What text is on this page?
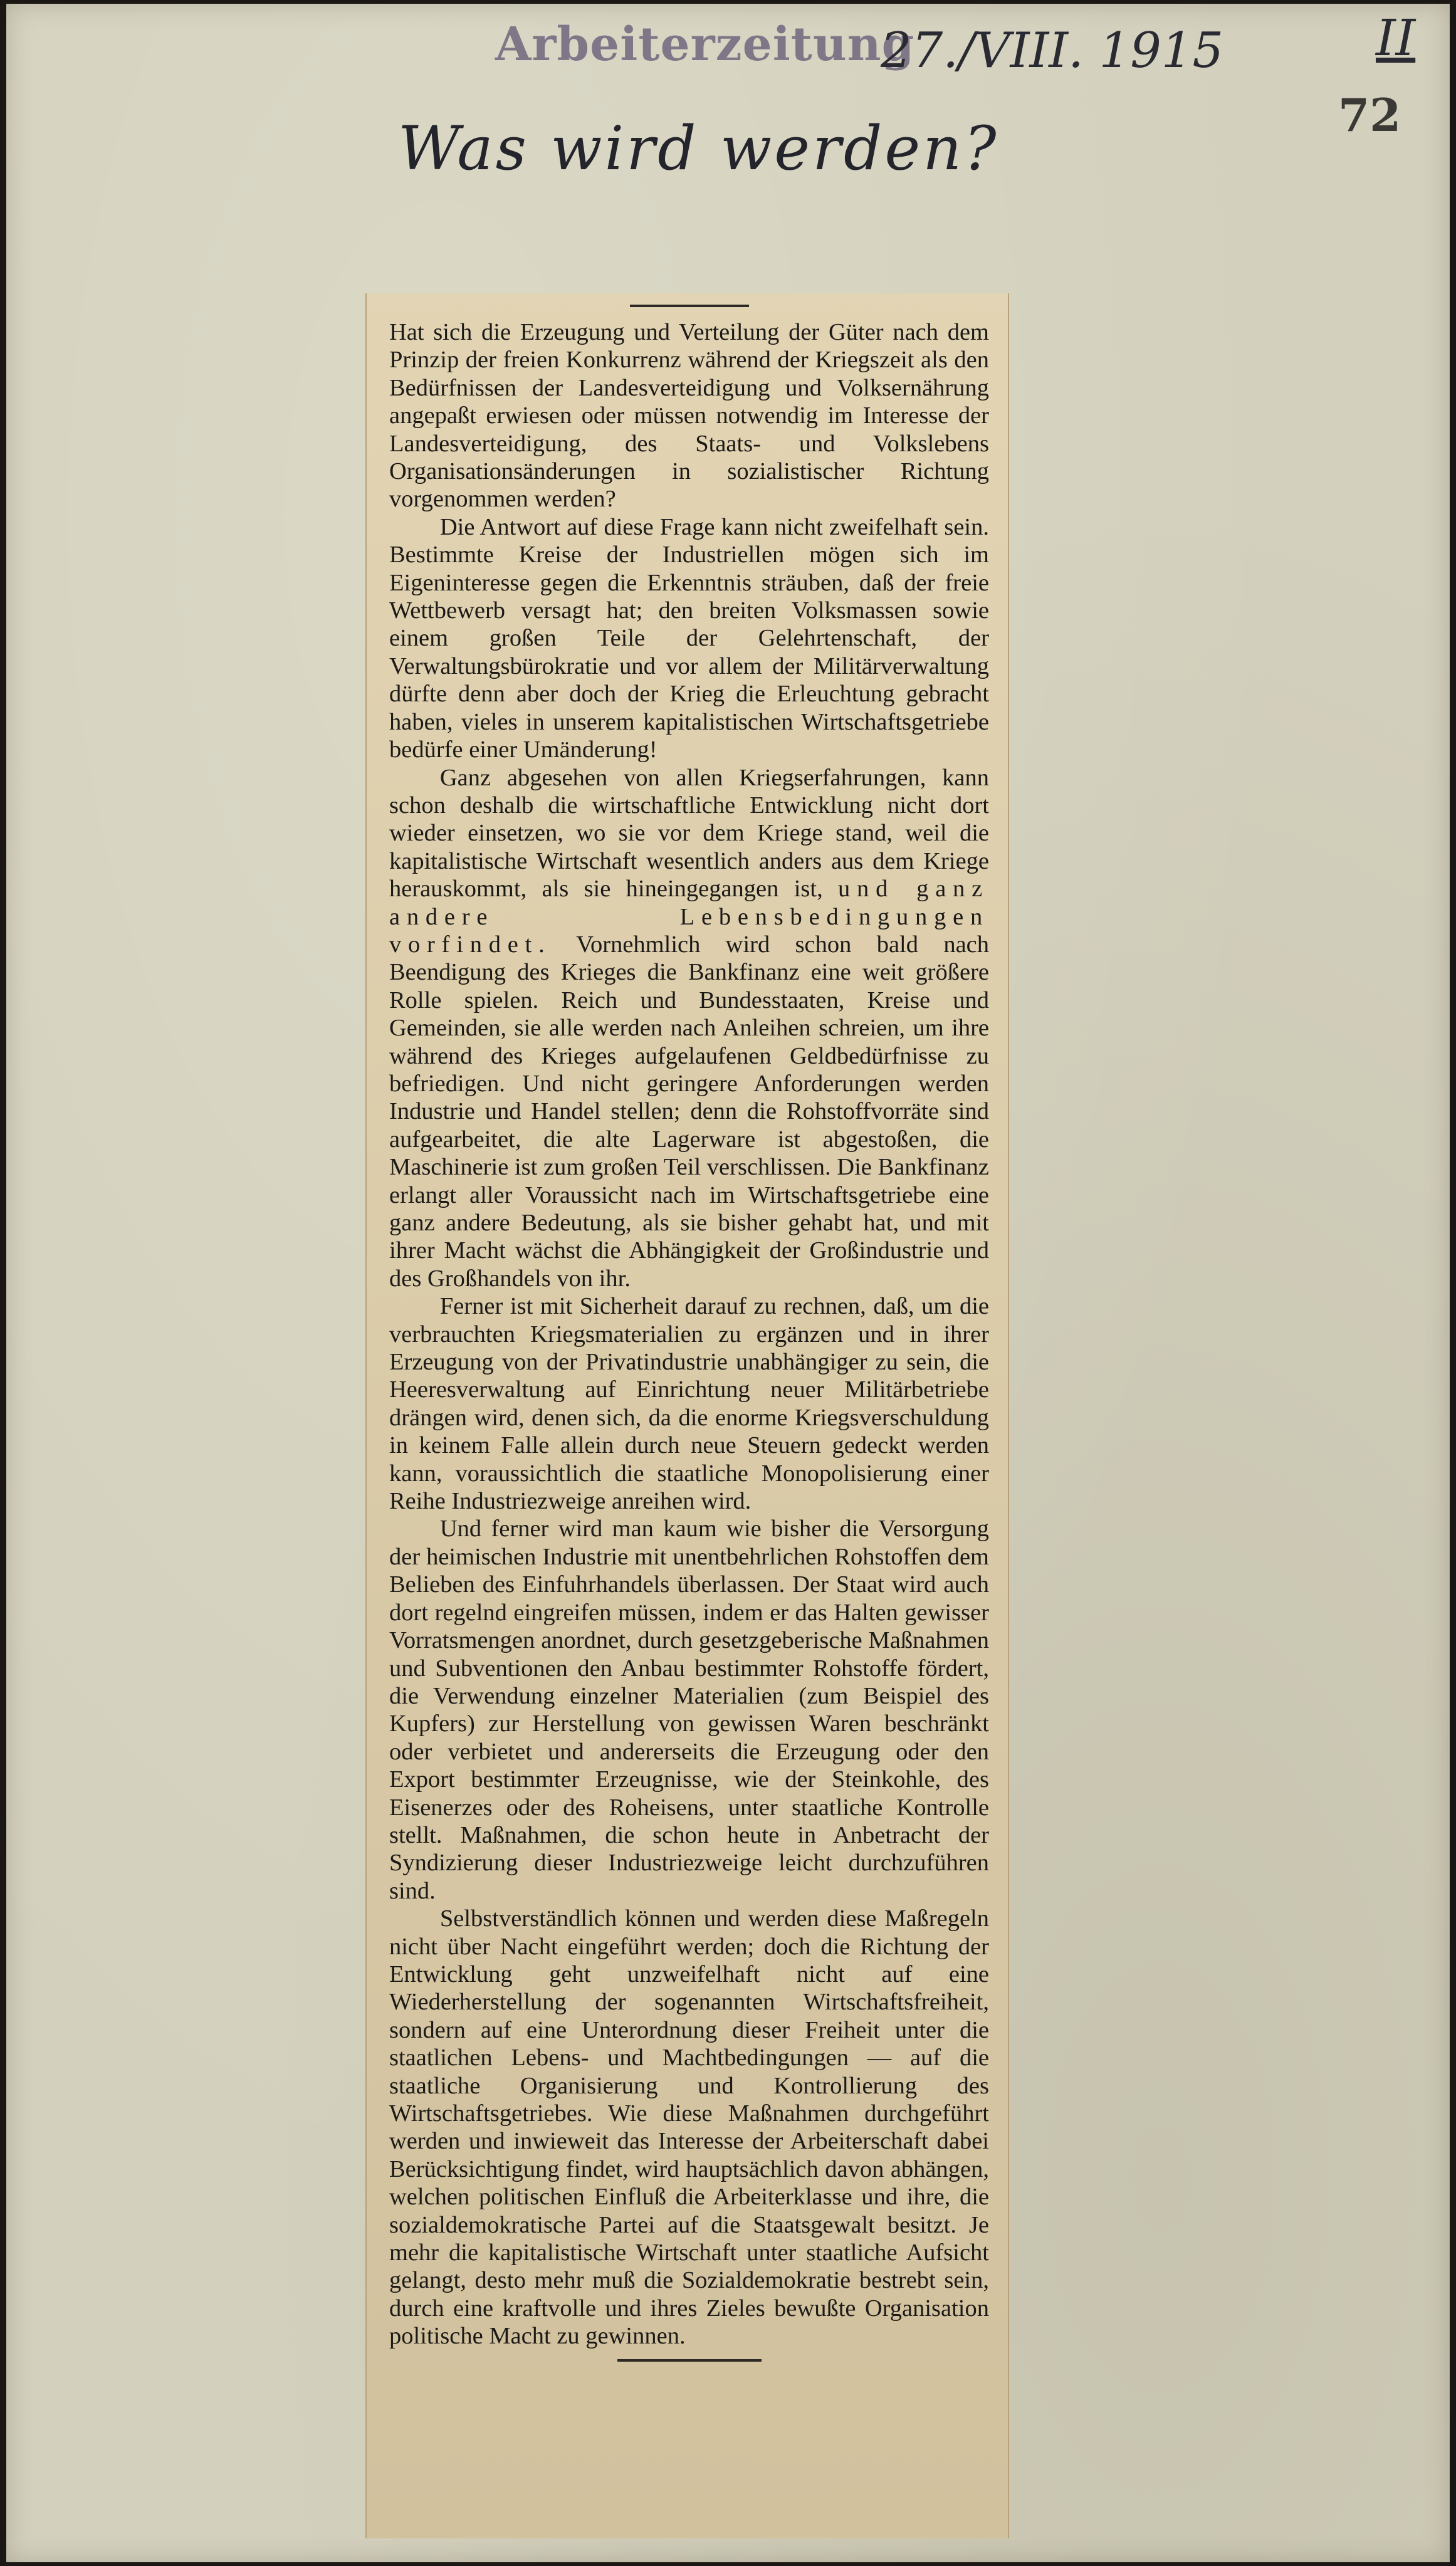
Arbeiterzeitung
27./VIII. 1915	II
72
Was wird werden?

Hat sich die Erzeugung und Verteilung der Güter nach dem Prinzip der freien Konkurrenz während der Kriegszeit als den Bedürfnissen der Landesverteidigung und Volksernährung angepaßt erwiesen oder müssen notwendig im Interesse der Landesverteidigung, des Staats- und Volkslebens Organisationsänderungen in sozialistischer Richtung vorgenommen werden?

Die Antwort auf diese Frage kann nicht zweifelhaft sein. Bestimmte Kreise der Industriellen mögen sich im Eigeninteresse gegen die Erkenntnis sträuben, daß der freie Wettbewerb versagt hat; den breiten Volksmassen sowie einem großen Teile der Gelehrtenschaft, der Verwaltungsbürokratie und vor allem der Militärverwaltung dürfte denn aber doch der Krieg die Erleuchtung gebracht haben, vieles in unserem kapitalistischen Wirtschaftsgetriebe bedürfe einer Umänderung!

Ganz abgesehen von allen Kriegserfahrungen, kann schon deshalb die wirtschaftliche Entwicklung nicht dort wieder einsetzen, wo sie vor dem Kriege stand, weil die kapitalistische Wirtschaft wesentlich anders aus dem Kriege herauskommt, als sie hineingegangen ist, und ganz andere Lebensbedingungen vorfindet. Vornehmlich wird schon bald nach Beendigung des Krieges die Bankfinanz eine weit größere Rolle spielen. Reich und Bundesstaaten, Kreise und Gemeinden, sie alle werden nach Anleihen schreien, um ihre während des Krieges aufgelaufenen Geldbedürfnisse zu befriedigen. Und nicht geringere Anforderungen werden Industrie und Handel stellen; denn die Rohstoffvorräte sind aufgearbeitet, die alte Lagerware ist abgestoßen, die Maschinerie ist zum großen Teil verschlissen. Die Bankfinanz erlangt aller Voraussicht nach im Wirtschaftsgetriebe eine ganz andere Bedeutung, als sie bisher gehabt hat, und mit ihrer Macht wächst die Abhängigkeit der Großindustrie und des Großhandels von ihr.

Ferner ist mit Sicherheit darauf zu rechnen, daß, um die verbrauchten Kriegsmaterialien zu ergänzen und in ihrer Erzeugung von der Privatindustrie unabhängiger zu sein, die Heeresverwaltung auf Einrichtung neuer Militärbetriebe drängen wird, denen sich, da die enorme Kriegsverschuldung in keinem Falle allein durch neue Steuern gedeckt werden kann, voraussichtlich die staatliche Monopolisierung einer Reihe Industriezweige anreihen wird.

Und ferner wird man kaum wie bisher die Versorgung der heimischen Industrie mit unentbehrlichen Rohstoffen dem Belieben des Einfuhrhandels überlassen. Der Staat wird auch dort regelnd eingreifen müssen, indem er das Halten gewisser Vorratsmengen anordnet, durch gesetzgeberische Maßnahmen und Subventionen den Anbau bestimmter Rohstoffe fördert, die Verwendung einzelner Materialien (zum Beispiel des Kupfers) zur Herstellung von gewissen Waren beschränkt oder verbietet und andererseits die Erzeugung oder den Export bestimmter Erzeugnisse, wie der Steinkohle, des Eisenerzes oder des Roheisens, unter staatliche Kontrolle stellt. Maßnahmen, die schon heute in Anbetracht der Syndizierung dieser Industriezweige leicht durchzuführen sind.

Selbstverständlich können und werden diese Maßregeln nicht über Nacht eingeführt werden; doch die Richtung der Entwicklung geht unzweifelhaft nicht auf eine Wiederherstellung der sogenannten Wirtschaftsfreiheit, sondern auf eine Unterordnung dieser Freiheit unter die staatlichen Lebens- und Machtbedingungen — auf die staatliche Organisierung und Kontrollierung des Wirtschaftsgetriebes. Wie diese Maßnahmen durchgeführt werden und inwieweit das Interesse der Arbeiterschaft dabei Berücksichtigung findet, wird hauptsächlich davon abhängen, welchen politischen Einfluß die Arbeiterklasse und ihre, die sozialdemokratische Partei auf die Staatsgewalt besitzt. Je mehr die kapitalistische Wirtschaft unter staatliche Aufsicht gelangt, desto mehr muß die Sozialdemokratie bestrebt sein, durch eine kraftvolle und ihres Zieles bewußte Organisation politische Macht zu gewinnen.
